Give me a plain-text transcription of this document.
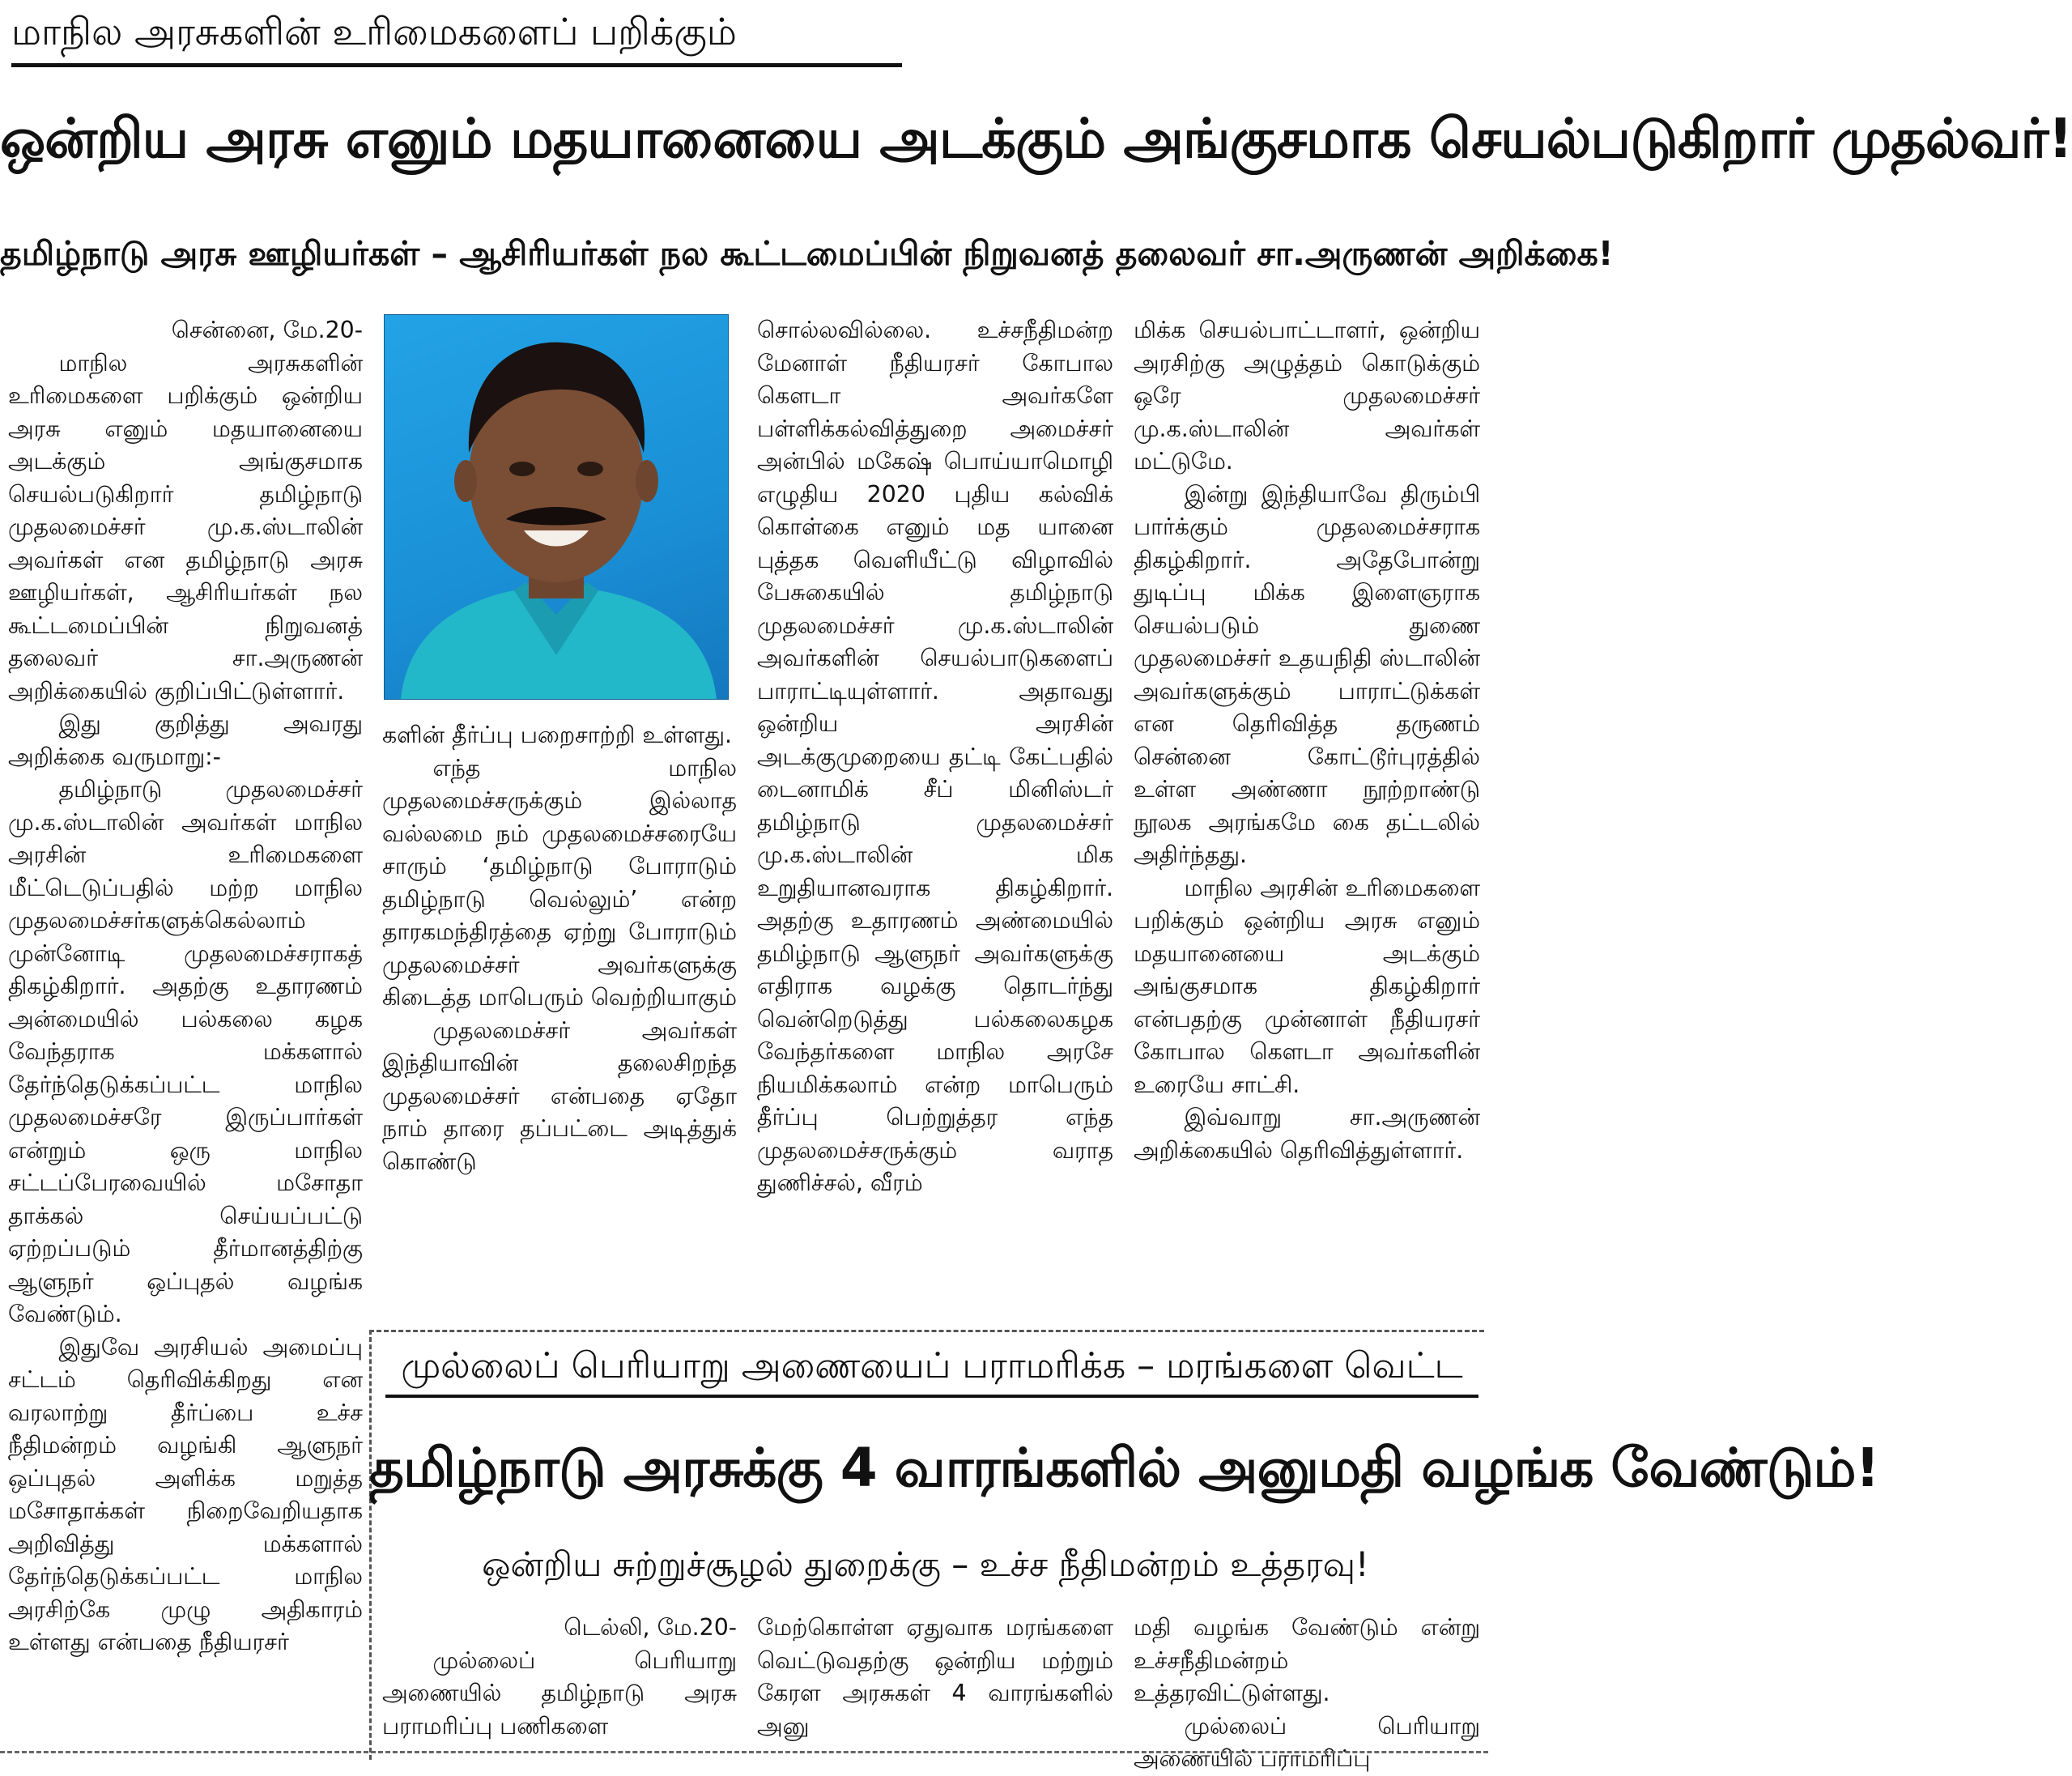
மாநில அரசுகளின் உரிமைகளைப் பறிக்கும்
ஒன்றிய அரசு எனும் மதயானையை அடக்கும் அங்குசமாக செயல்படுகிறார் முதல்வர்!
தமிழ்நாடு அரசு ஊழியர்கள் – ஆசிரியர்கள் நல கூட்டமைப்பின் நிறுவனத் தலைவர் சா.அருணன் அறிக்கை!

சென்னை, மே.20-

மாநில அரசுகளின் உரிமைகளை பறிக்கும் ஒன்றிய அரசு எனும் மதயானையை அடக்கும் அங்குசமாக செயல்படுகிறார் தமிழ்நாடு முதலமைச்சர் மு.க.ஸ்டாலின் அவர்கள் என தமிழ்நாடு அரசு ஊழியர்கள், ஆசிரியர்கள் நல கூட்டமைப்பின் நிறுவனத் தலைவர் சா.அருணன் அறிக்கையில் குறிப்பிட்டுள்ளார்.

இது குறித்து அவரது அறிக்கை வருமாறு:-

தமிழ்நாடு முதலமைச்சர் மு.க.ஸ்டாலின் அவர்கள் மாநில அரசின் உரிமைகளை மீட்டெடுப்பதில் மற்ற மாநில முதலமைச்சர்களுக்கெல்லாம் முன்னோடி முதலமைச்சராகத் திகழ்கிறார். அதற்கு உதாரணம் அன்மையில் பல்கலை கழக வேந்தராக மக்களால் தேர்ந்தெடுக்கப்பட்ட மாநில முதலமைச்சரே இருப்பார்கள் என்றும் ஒரு மாநில சட்டப்பேரவையில் மசோதா தாக்கல் செய்யப்பட்டு ஏற்றப்படும் தீர்மானத்திற்கு ஆளுநர் ஒப்புதல் வழங்க வேண்டும்.

இதுவே அரசியல் அமைப்பு சட்டம் தெரிவிக்கிறது என வரலாற்று தீர்ப்பை உச்ச நீதிமன்றம் வழங்கி ஆளுநர் ஒப்புதல் அளிக்க மறுத்த மசோதாக்கள் நிறைவேறியதாக அறிவித்து மக்களால் தேர்ந்தெடுக்கப்பட்ட மாநில அரசிற்கே முழு அதிகாரம் உள்ளது என்பதை நீதியரசர்

களின் தீர்ப்பு பறைசாற்றி உள்ளது.

எந்த மாநில முதலமைச்சருக்கும் இல்லாத வல்லமை நம் முதலமைச்சரையே சாரும் ‘தமிழ்நாடு போராடும் தமிழ்நாடு வெல்லும்’ என்ற தாரகமந்திரத்தை ஏற்று போராடும் முதலமைச்சர் அவர்களுக்கு கிடைத்த மாபெரும் வெற்றியாகும்

முதலமைச்சர் அவர்கள் இந்தியாவின் தலைசிறந்த முதலமைச்சர் என்பதை ஏதோ நாம் தாரை தப்பட்டை அடித்துக் கொண்டு

சொல்லவில்லை. உச்சநீதிமன்ற மேனாள் நீதியரசர் கோபால கௌடா அவர்களே பள்ளிக்கல்வித்துறை அமைச்சர் அன்பில் மகேஷ் பொய்யாமொழி எழுதிய 2020 புதிய கல்விக் கொள்கை எனும் மத யானை புத்தக வெளியீட்டு விழாவில் பேசுகையில் தமிழ்நாடு முதலமைச்சர் மு.க.ஸ்டாலின் அவர்களின் செயல்பாடுகளைப் பாராட்டியுள்ளார். அதாவது ஒன்றிய அரசின் அடக்குமுறையை தட்டி கேட்பதில் டைனாமிக் சீப் மினிஸ்டர் தமிழ்நாடு முதலமைச்சர் மு.க.ஸ்டாலின் மிக உறுதியானவராக திகழ்கிறார். அதற்கு உதாரணம் அண்மையில் தமிழ்நாடு ஆளுநர் அவர்களுக்கு எதிராக வழக்கு தொடர்ந்து வென்றெடுத்து பல்கலைகழக வேந்தர்களை மாநில அரசே நியமிக்கலாம் என்ற மாபெரும் தீர்ப்பு பெற்றுத்தர எந்த முதலமைச்சருக்கும் வராத துணிச்சல், வீரம்

மிக்க செயல்பாட்டாளர், ஒன்றிய அரசிற்கு அழுத்தம் கொடுக்கும் ஒரே முதலமைச்சர் மு.க.ஸ்டாலின் அவர்கள் மட்டுமே.

இன்று இந்தியாவே திரும்பி பார்க்கும் முதலமைச்சராக திகழ்கிறார். அதேபோன்று துடிப்பு மிக்க இளைஞராக செயல்படும் துணை முதலமைச்சர் உதயநிதி ஸ்டாலின் அவர்களுக்கும் பாராட்டுக்கள் என தெரிவித்த தருணம் சென்னை கோட்டூர்புரத்தில் உள்ள அண்ணா நூற்றாண்டு நூலக அரங்கமே கை தட்டலில் அதிர்ந்தது.

மாநில அரசின் உரிமைகளை பறிக்கும் ஒன்றிய அரசு எனும் மதயானையை அடக்கும் அங்குசமாக திகழ்கிறார் என்பதற்கு முன்னாள் நீதியரசர் கோபால கௌடா அவர்களின் உரையே சாட்சி.

இவ்வாறு சா.அருணன் அறிக்கையில் தெரிவித்துள்ளார்.

முல்லைப் பெரியாறு அணையைப் பராமரிக்க – மரங்களை வெட்ட
தமிழ்நாடு அரசுக்கு 4 வாரங்களில் அனுமதி வழங்க வேண்டும்!
ஒன்றிய சுற்றுச்சூழல் துறைக்கு – உச்ச நீதிமன்றம் உத்தரவு!

டெல்லி, மே.20-

முல்லைப் பெரியாறு அணையில் தமிழ்நாடு அரசு பராமரிப்பு பணிகளை

மேற்கொள்ள ஏதுவாக மரங்களை வெட்டுவதற்கு ஒன்றிய மற்றும் கேரள அரசுகள் 4 வாரங்களில் அனு

மதி வழங்க வேண்டும் என்று உச்சநீதிமன்றம் உத்தரவிட்டுள்ளது.

முல்லைப் பெரியாறு அணையில் பராமரிப்பு
